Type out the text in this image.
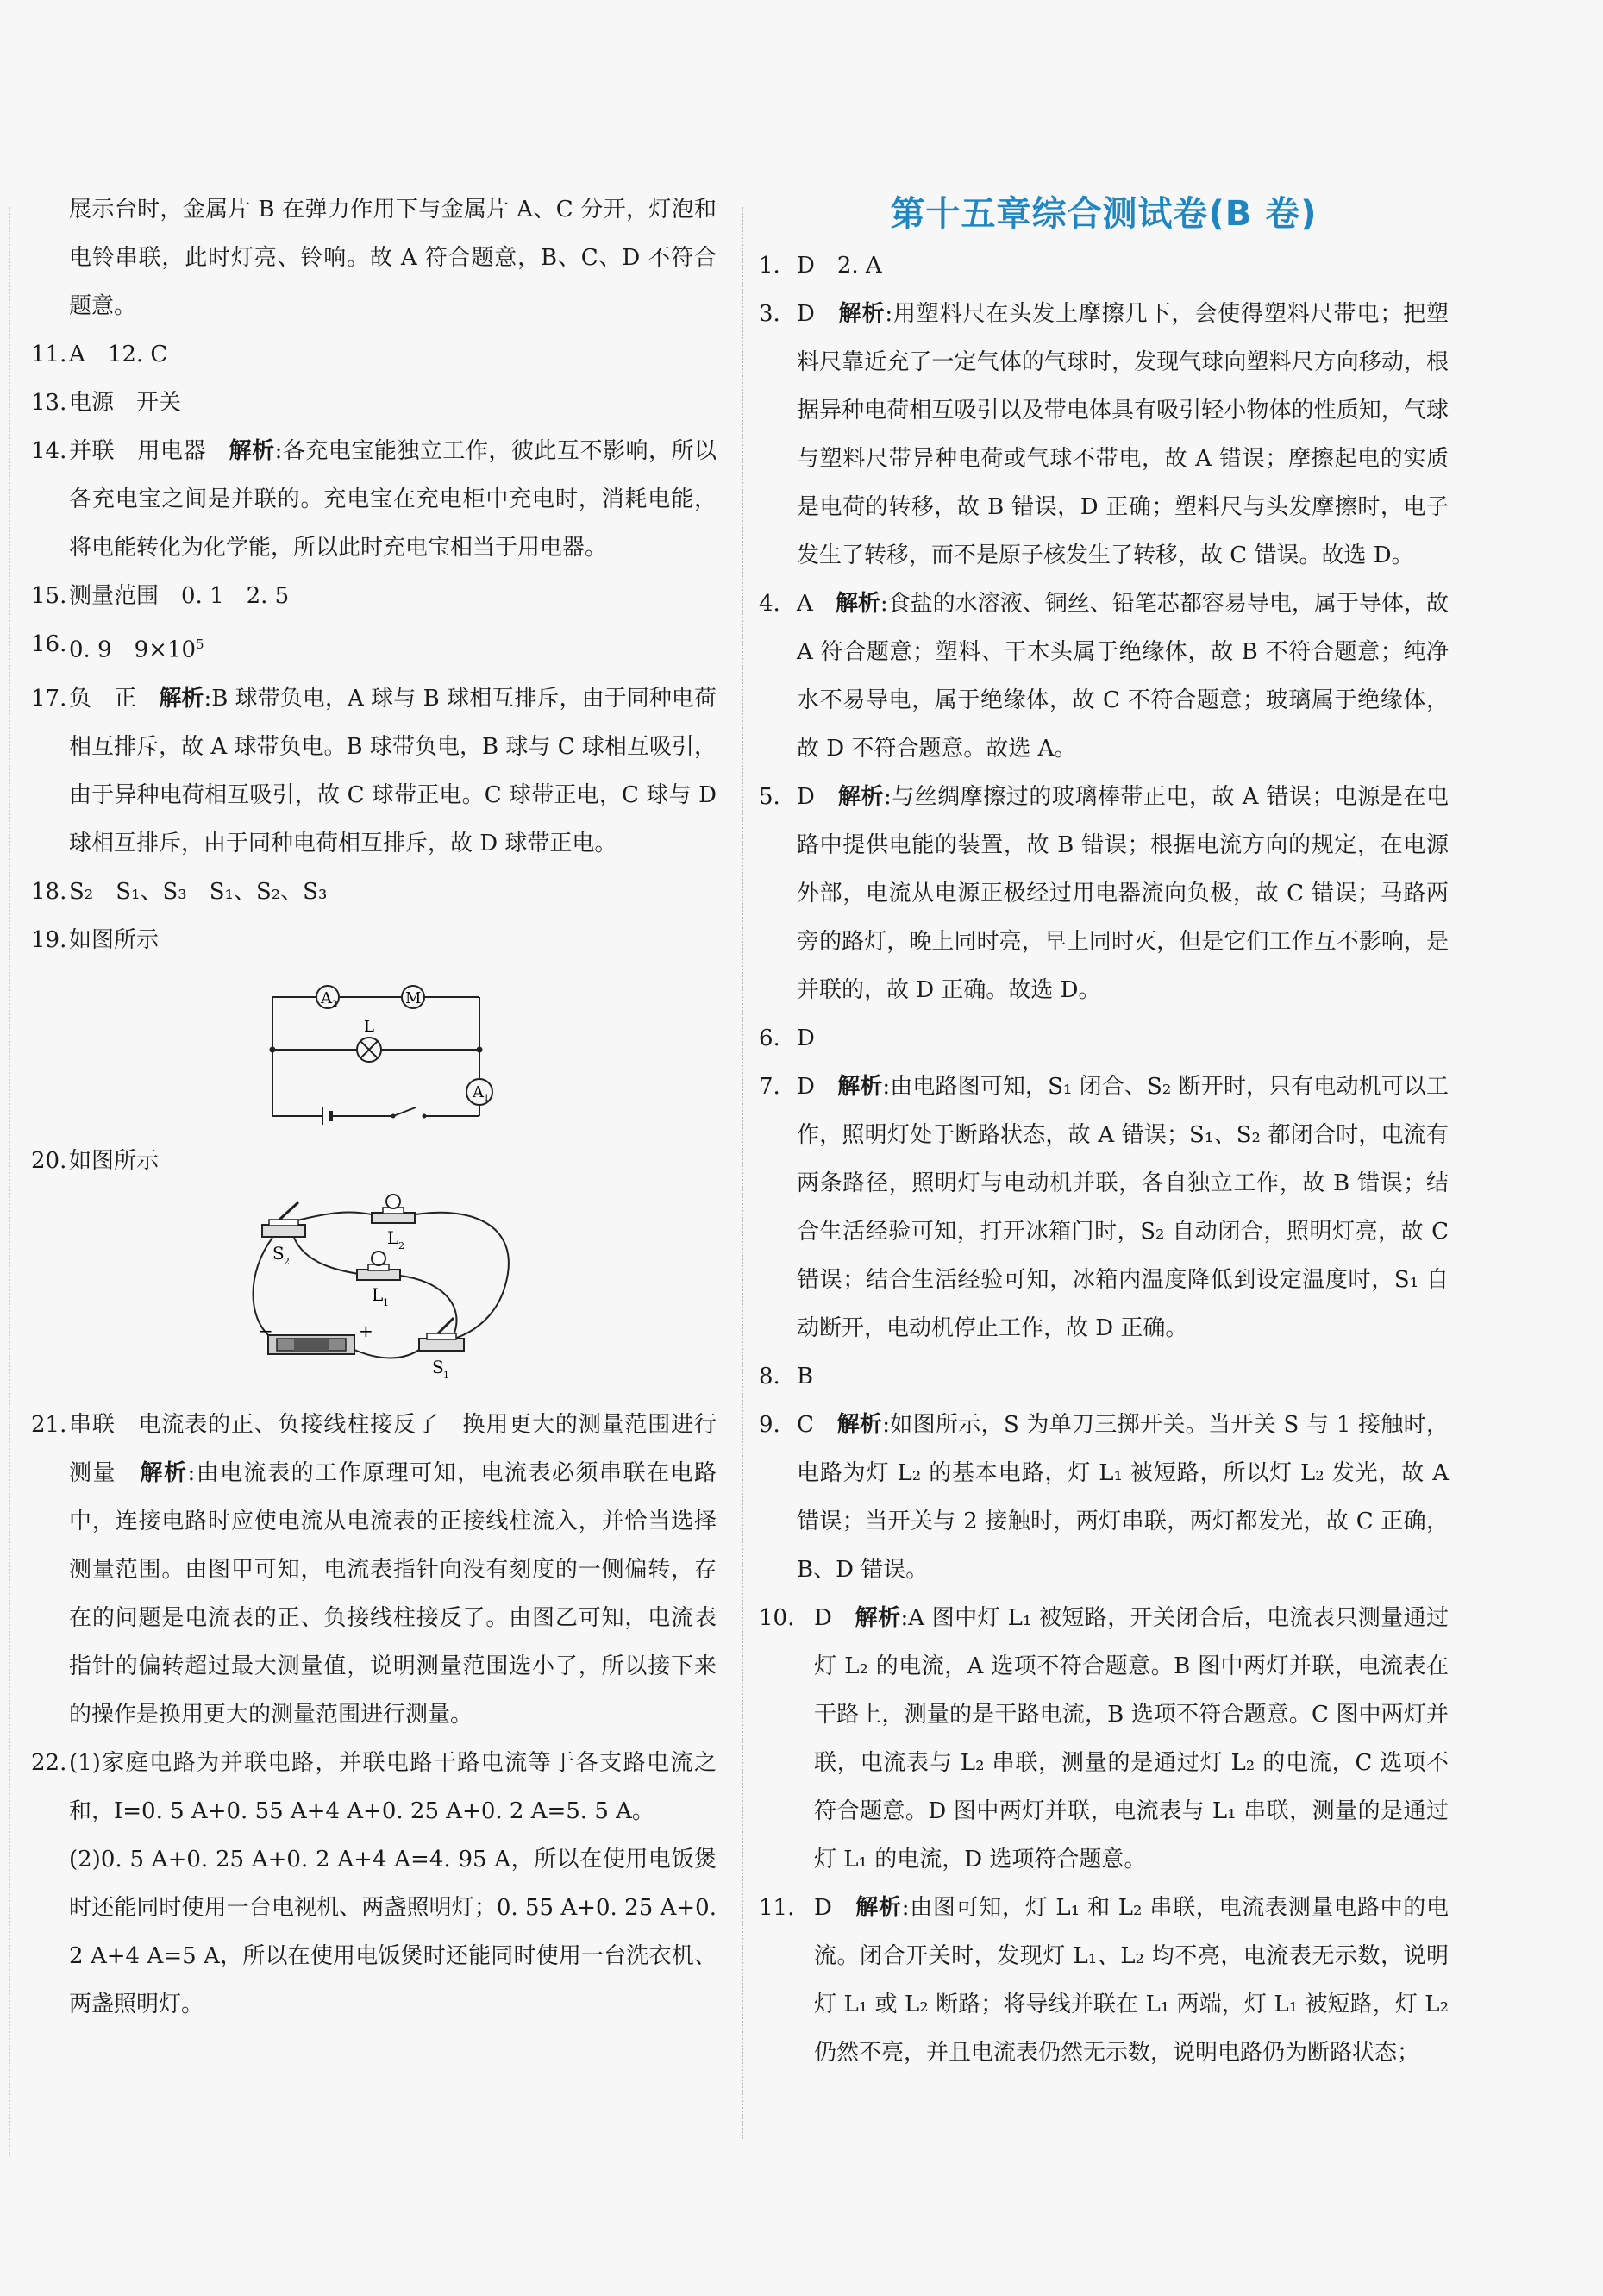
展示台时，金属片 B 在弹力作用下与金属片 A、C 分开，灯泡和电铃串联，此时灯亮、铃响。故 A 符合题意，B、C、D 不符合题意。
11. A　12. C
13. 电源　开关
14. 并联　用电器　解析:各充电宝能独立工作，彼此互不影响，所以各充电宝之间是并联的。充电宝在充电柜中充电时，消耗电能，将电能转化为化学能，所以此时充电宝相当于用电器。
15. 测量范围　0. 1　2. 5
16. 0. 9　$9\times 10^5$
17. 负　正　解析:B 球带负电，A 球与 B 球相互排斥，由于同种电荷相互排斥，故 A 球带负电。B 球带负电，B 球与 C 球相互吸引，由于异种电荷相互吸引，故 C 球带正电。C 球带正电，C 球与 D 球相互排斥，由于同种电荷相互排斥，故 D 球带正电。
18. S₂　S₁、S₃　S₁、S₂、S₃
19. 如图所示
A 2	M
L
A 1
20. 如图所示
S 2
L 2
L 1
S 1
−	+
21. 串联　电流表的正、负接线柱接反了　换用更大的测量范围进行测量　解析:由电流表的工作原理可知，电流表必须串联在电路中，连接电路时应使电流从电流表的正接线柱流入，并恰当选择测量范围。由图甲可知，电流表指针向没有刻度的一侧偏转，存在的问题是电流表的正、负接线柱接反了。由图乙可知，电流表指针的偏转超过最大测量值，说明测量范围选小了，所以接下来的操作是换用更大的测量范围进行测量。
22. (1)家庭电路为并联电路，并联电路干路电流等于各支路电流之和，I=0. 5 A+0. 55 A+4 A+0. 25 A+0. 2 A=5. 5 A。
(2)0. 5 A+0. 25 A+0. 2 A+4 A=4. 95 A，所以在使用电饭煲时还能同时使用一台电视机、两盏照明灯；0. 55 A+0. 25 A+0. 2 A+4 A=5 A，所以在使用电饭煲时还能同时使用一台洗衣机、两盏照明灯。
第十五章综合测试卷(B 卷)
1. D　2. A
3. D　解析:用塑料尺在头发上摩擦几下，会使得塑料尺带电；把塑料尺靠近充了一定气体的气球时，发现气球向塑料尺方向移动，根据异种电荷相互吸引以及带电体具有吸引轻小物体的性质知，气球与塑料尺带异种电荷或气球不带电，故 A 错误；摩擦起电的实质是电荷的转移，故 B 错误，D 正确；塑料尺与头发摩擦时，电子发生了转移，而不是原子核发生了转移，故 C 错误。故选 D。
4. A　解析:食盐的水溶液、铜丝、铅笔芯都容易导电，属于导体，故 A 符合题意；塑料、干木头属于绝缘体，故 B 不符合题意；纯净水不易导电，属于绝缘体，故 C 不符合题意；玻璃属于绝缘体，故 D 不符合题意。故选 A。
5. D　解析:与丝绸摩擦过的玻璃棒带正电，故 A 错误；电源是在电路中提供电能的装置，故 B 错误；根据电流方向的规定，在电源外部，电流从电源正极经过用电器流向负极，故 C 错误；马路两旁的路灯，晚上同时亮，早上同时灭，但是它们工作互不影响，是并联的，故 D 正确。故选 D。
6. D
7. D　解析:由电路图可知，S₁ 闭合、S₂ 断开时，只有电动机可以工作，照明灯处于断路状态，故 A 错误；S₁、S₂ 都闭合时，电流有两条路径，照明灯与电动机并联，各自独立工作，故 B 错误；结合生活经验可知，打开冰箱门时，S₂ 自动闭合，照明灯亮，故 C 错误；结合生活经验可知，冰箱内温度降低到设定温度时，S₁ 自动断开，电动机停止工作，故 D 正确。
8. B
9. C　解析:如图所示，S 为单刀三掷开关。当开关 S 与 1 接触时，电路为灯 L₂ 的基本电路，灯 L₁ 被短路，所以灯 L₂ 发光，故 A 错误；当开关与 2 接触时，两灯串联，两灯都发光，故 C 正确，B、D 错误。
10. D　解析:A 图中灯 L₁ 被短路，开关闭合后，电流表只测量通过灯 L₂ 的电流，A 选项不符合题意。B 图中两灯并联，电流表在干路上，测量的是干路电流，B 选项不符合题意。C 图中两灯并联，电流表与 L₂ 串联，测量的是通过灯 L₂ 的电流，C 选项不符合题意。D 图中两灯并联，电流表与 L₁ 串联，测量的是通过灯 L₁ 的电流，D 选项符合题意。
11. D　解析:由图可知，灯 L₁ 和 L₂ 串联，电流表测量电路中的电流。闭合开关时，发现灯 L₁、L₂ 均不亮，电流表无示数，说明灯 L₁ 或 L₂ 断路；将导线并联在 L₁ 两端，灯 L₁ 被短路，灯 L₂ 仍然不亮，并且电流表仍然无示数，说明电路仍为断路状态；
